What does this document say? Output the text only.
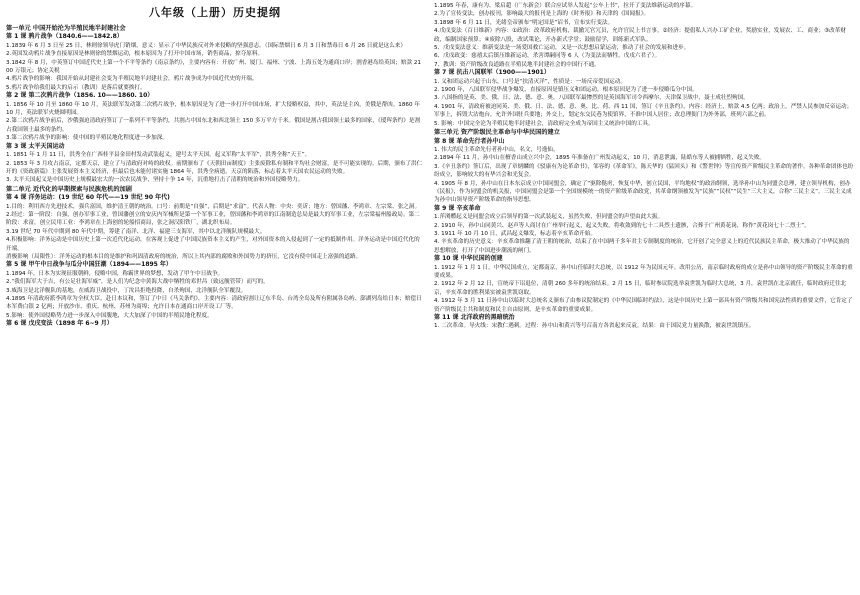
八年级（上册）历史提纲

第一单元 中国开始沦为半殖民地半封建社会

第 1 课 鸦片战争（1840.6——1842.8）

1.1839 年 6 月 3 日至 25 日，林则徐领导虎门销烟，意义：显示了中华民族反对外来侵略的坚强意志。（国际禁烟日 6 月 3 日和禁毒日 6 月 26 日就是这么来）

2.英国发动鸦片战争直接原因是林则徐的禁烟运动，根本原因为了打开中国市场，销售商品，掠夺原料。

3.1842 年 8 月，中英签订中国近代史上第一个不平等条约《南京条约》，主要内容有：开放广州、厦门、福州、宁波、上海五处为通商口岸；割香港岛给英国；赔款 2100 万银元；协定关税

4.鸦片战争的影响：我国开始从封建社会变为半殖民地半封建社会，鸦片战争成为中国近代史的开端。

5.鸦片战争给我们最大的启示（教训）是落后就要挨打。

第 2 课 第二次鸦片战争（1856. 10——1860. 10）

1. 1856 年 10 月至 1860 年 10 月，英法联军发动第二次鸦片战争，根本原因是为了进一步打开中国市场，扩大侵略权益，其中，英法是主凶，美俄是帮凶。1860 年 10 月，英法联军火烧圆明园。

2.第二次鸦片战争前后，沙俄强迫清政府签订了一系列不平等条约，共割占中国东北和西北领土 150 多万平方千米。俄国是割占我国领土最多的国家，《瑷珲条约》是割占我国领土最多的条约。

3.第二次鸦片战争的影响：使中国的半殖民地化程度进一步加深。

第 3 课 太平天国运动

1. 1851 年 1 月 11 日，洪秀全在广西桂平县金田村发动武装起义，建号太平天国，起义军称“太平军”，洪秀全称“天王”。

2. 1853 年 3 月攻占南京，定都天京，建立了与清政府对峙的政权。前期颁布了《天朝田亩制度》主张废除私有制和平均社会财富，是不可能实现的。后期，颁布了洪仁玕的《资政新篇》主张发展资本主义经济，但最后也未能付诸实施 1864 年，洪秀全病逝，天京的陷落，标志着太平天国农民运动的失败。

3. 太平天国起义是中国历史上规模最宏大的一次农民战争，坚持十争 14 年，沉重地打击了清朝的统治和外国侵略势力。

第二单元 近代化的早期探索与民族危机的加剧

第 4 课 洋务运动：(19 世纪 60 年代——19 世纪 90 年代)

1.目的：利用西方先进技术，强兵富国，维护清王朝的统治。口号：前期是“自强”，后期是“求富”。代表人物：中央：奕䜣；地方：曾国藩、李鸿章、左宗棠、张之洞。

2.经过：第一阶段：自强，创办军事工业，曾国藩创立的安庆内军械所是第一个军事工业，曾国藩和李鸿章的江南制造总局是最大的军事工业，左宗棠福州船政局。第二阶段：求富，创立民用工业：李鸿章在上海创的轮船招商局，张之洞汉阳铁厂，湖北织布局。

3.19 世纪 70 年代中期到 80 年代中期，筹建了南洋、北洋、福建三支海军，其中以北洋舰队规模最大。

4.积极影响：洋务运动是中国历史上第一次近代化运动，在客观上促进了中国民族资本主义的产生，对外国资本的入侵起到了一定的抵制作用。洋务运动是中国近代化的开端。

消极影响（局限性）：洋务运动的根本目的是维护和巩固清政府的统治，所以上其内部的腐败和外国势力的挤压，它没有使中国走上富强的道路。

第 5 课 甲午中日战争与瓜分中国狂潮（1894——1895 年）

1.1894 年，日本为实现征服朝鲜，侵略中国，称霸世界的梦想，发动了甲午中日战争。

2.“我们海军大于吉，有公足壮海军威”，是人们为纪念中黄海大战中牺牲的邓世昌（致远舰管带）而写的。

3.威海卫是北洋舰队的基地，在威海卫战役中，丁汝昌拒绝投降，自杀殉国，北洋舰队全军覆没。

4.1895 年清政府派李鸿章为全权大臣，赴日本议和，签订了中日《马关条约》，主要内容：清政府割让辽东半岛、台湾全岛及所有附属各岛屿、澎湖列岛给日本；赔偿日本军费白银 2 亿两；开放沙市、重庆、杭州、苏州为商埠；允许日本在通商口岸开设工厂等。

5.影响：使外国侵略势力进一步深入中国腹地，大大加深了中国的半殖民地化程度。

第 6 课 戊戌变法（1898 年 6~9 月）

1.1895 年春，康有为、梁启超（广东新会）联合应试举人发起“公车上书”，拉开了变法维新运动的序幕。

2.为了宣传变法，创办报刊，影响最大的报刊是上海的《时务报》和天津的《国闻报》。

3.1898 年 6 月 11 日，光绪皇帝颁布“明定国是”诏书，宣布实行变法。

4.戊戌变法（百日维新）内容：①政治：改革政府机构，裁撤冗官冗员，允许官民上书言事。②经济：提倡私人兴办工矿企业，奖励实业，发展农、工、商业；③改革财政，编制国家预算；④废除八股，改试策论，开办新式学堂；鼓励留学，训练新式军队。

5、戊戌变法意义：维新变法是一场爱国救亡运动，又是一次思想启蒙运动，推动了社会的发展和进步。

6、戊戌政变：慈禧太后镇压维新运动，杀害谭嗣同等 6 人（为变法而牺牲，戊戌六君子）。

7、教训：资产阶级改良道路在半殖民地半封建社会的中国行不通。

第 7 课 抗击八国联军（1900——1901）

1. 义和团运动兴起于山东，口号是“扶清灭洋”，性质是：一场反帝爱国运动。

2. 1900 年，八国联军侵华战争爆发，直接原因是镇压义和团运动，根本原因是为了进一步侵略瓜分中国。

3. 八国指的是英、美、俄、日、法、德、意、奥，八国联军最惨烈的是英国海军司令西摩尔，天津保卫战中，聂士成壮烈殉国。

4. 1901 年，清政府被迫同英、美、俄、日、法、德、意、奥、比、荷、西 11 国，签订《辛丑条约》，内容：经济上，赔款 4.5 亿两；政治上，严禁人民参加反帝运动；军事上，拆毁大沽炮台，允许外国驻兵要地；外交上，划定东交民巷为使馆界，不准中国人居住；改总理衙门为外务部，班列六部之前。

5. 影响：中国完全沦为半殖民地半封建社会，清政府完全成为帝国主义统治中国的工具。

第三单元 资产阶级民主革命与中华民国的建立

第 8 课 革命先行者孙中山

1. 伟大的民主革命先行者孙中山，名文，号逸仙。

2.1894 年 11 月，孙中山在檀香山成立兴中会，1895 年准备在广州发动起义，10 月，消息泄露，陆皓东等人被捕牺牲，起义失败。

3.《辛丑条约》签订后，出现了章炳麟的《驳康有为论革命书》，邹容的《革命军》，陈天华的《猛回头》和《警世钟》等宣传资产阶级民主革命的著作。各种革命团体也纷纷成立，影响较大的有华兴会和光复会。

4. 1905 年 8 月，孙中山在日本东京成立中国同盟会，确定了“驱除鞑虏，恢复中华，创立民国，平均地权”的政治纲领，选举孙中山为同盟会总理，建立领导机构，创办《民报》，作为同盟会的机关报，中国同盟会是第一个全国规模统一的资产阶级革命政党，其革命纲领被发为“民族”“民权”“民生”三大主义，合称“三民主义”。三民主义成为孙中山领导资产阶级革命的指导思想。

第 9 课 辛亥革命

1.萍浏醴起义是同盟会成立后领导的第一次武装起义，虽然失败，但同盟会的声望由此大振。

2. 1910 年，孙中山同黄兴、赵声等人商讨在广州举行起义，起义失败，将收敛到的七十二具烈士遗骸，合葬于广州黄花岗，称作“黄花岗七十二烈士”。

3. 1911 年 10 月 10 日，武昌起义爆发，标志着辛亥革命开始。

4. 辛亥革命的历史意义：辛亥革命推翻了清王朝的统治，结束了在中国两千多年君主专制制度的统治，它开创了完全意义上的近代民族民主革命，极大推动了中华民族的思想解放，打开了中国进步潮流的闸门。

第 10 课 中华民国的创建

1. 1912 年 1 月 1 日，中华民国成立，定都南京，孙中山任临时大总统，以 1912 年为民国元年。改用公历，南京临时政府的成立是孙中山领导的资产阶级民主革命的重要成果。

2. 1912 年 2 月 12 日，宣统帝下诏退位，清朝 260 多年的统治结束。2 月 15 日，临时参议院选举袁世凯为临时大总统，3 月，袁世凯在北京就任，临时政府迁往北京，辛亥革命的胜利果实被袁世凯窃取。

4. 1912 年 3 月 11 日孙中山以临时大总统名义颁布了由参议院制定的《中华民国临时约法》，这是中国历史上第一部具有资产阶级共和国宪法性质的重要文件，它肯定了资产阶级民主共和制度和民主自由原则，是辛亥革命的重要成果。

第 11 课 北洋政府的黑暗统治

1. 二次革命。导火线：宋教仁遇刺。过程：孙中山和黄兴等号召南方各省起来反袁。结果：由于国民党力量涣散，被袁世凯镇压。
